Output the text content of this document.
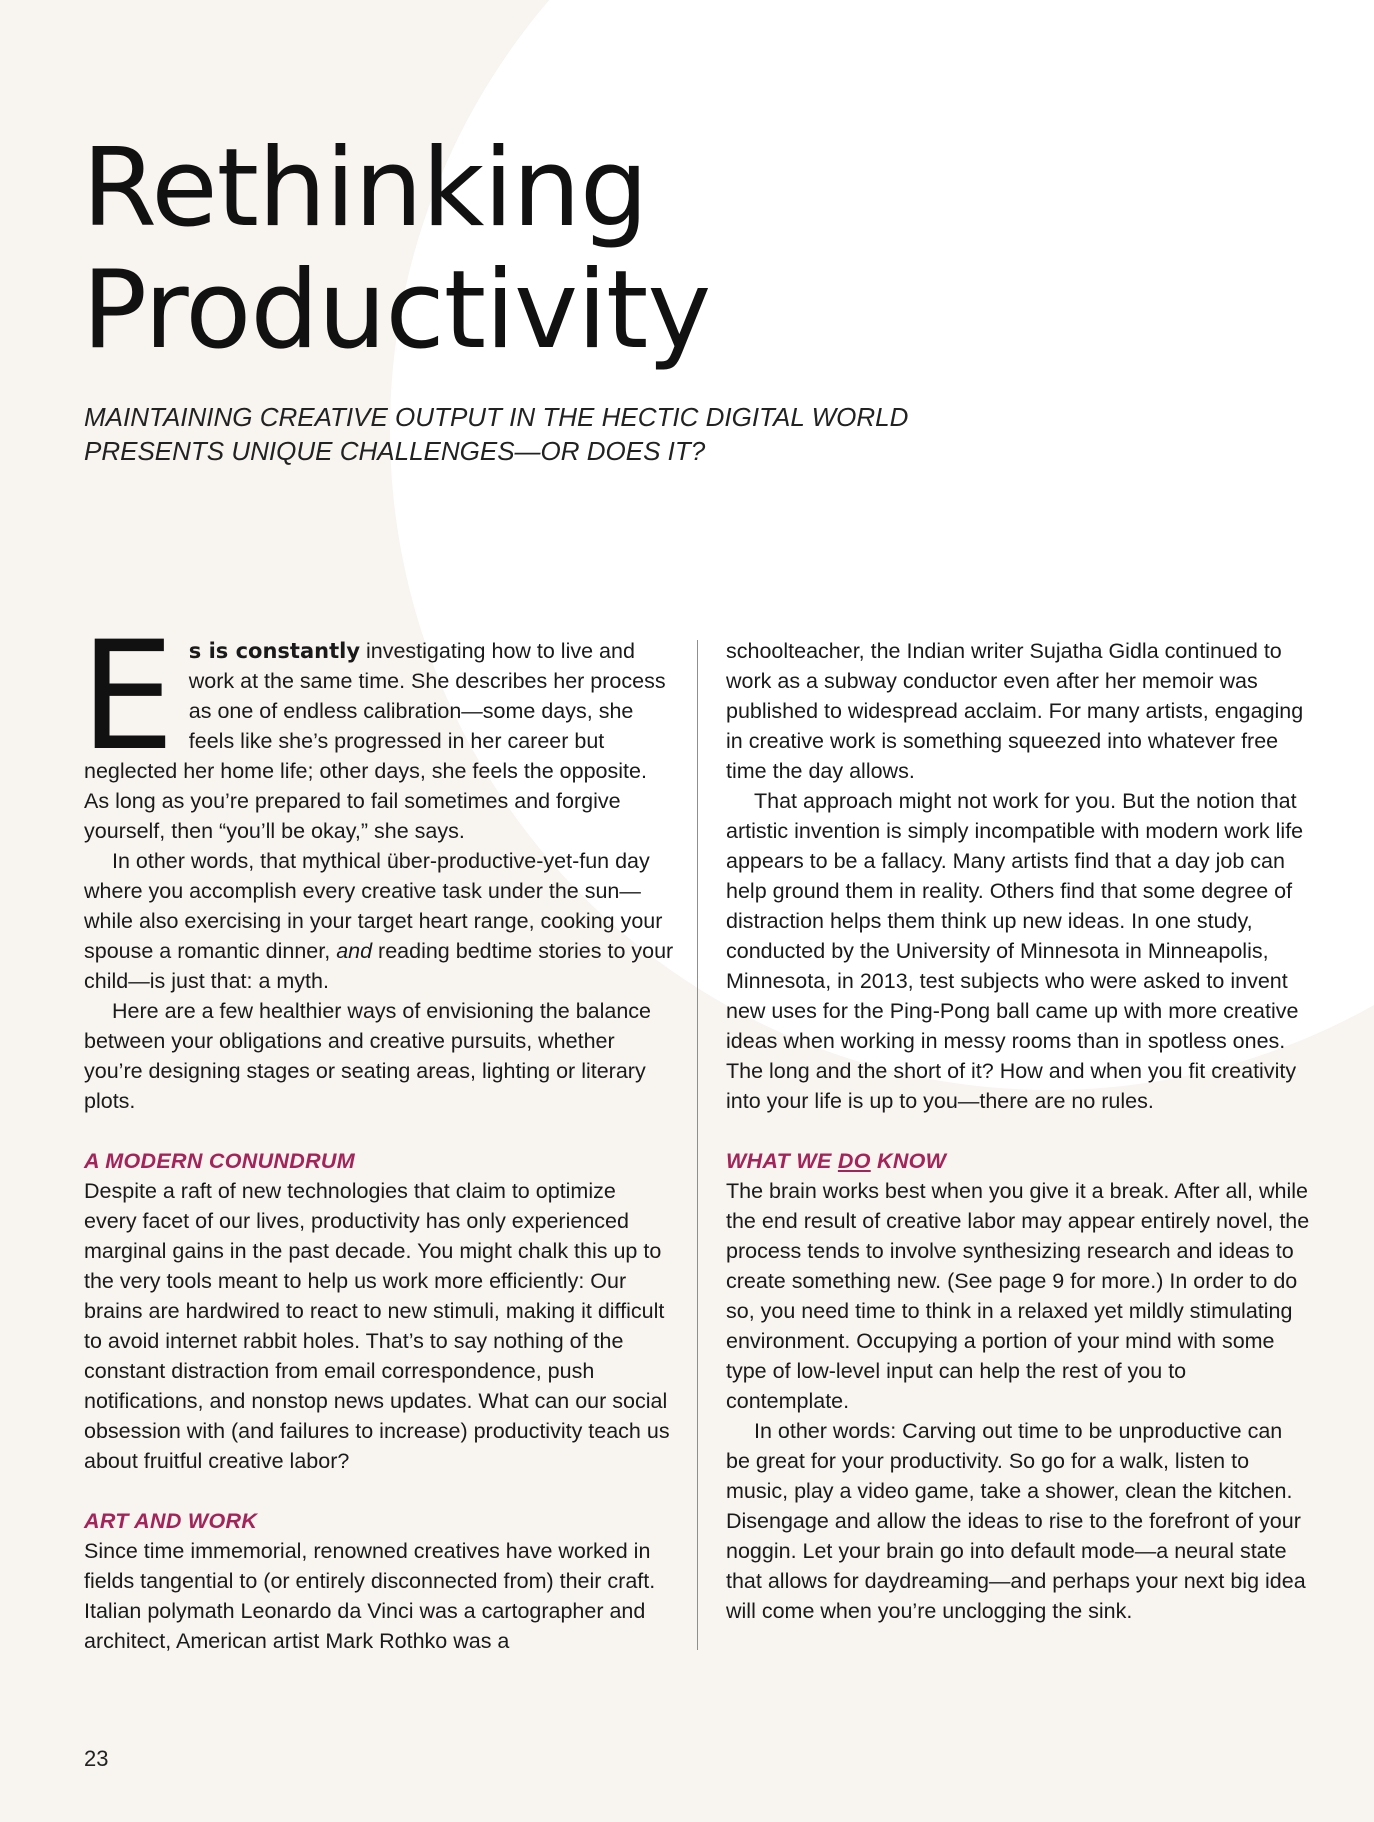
Rethinking
Productivity

MAINTAINING CREATIVE OUTPUT IN THE HECTIC DIGITAL WORLD
PRESENTS UNIQUE CHALLENGES—OR DOES IT?

Es is constantly investigating how to live and work at the same time. She describes her process as one of endless calibration—some days, she feels like she’s progressed in her career but neglected her home life; other days, she feels the opposite. As long as you’re prepared to fail sometimes and forgive yourself, then “you’ll be okay,” she says.

In other words, that mythical über-productive-yet-fun day where you accomplish every creative task under the sun—while also exercising in your target heart range, cooking your spouse a romantic dinner, and reading bedtime stories to your child—is just that: a myth.

Here are a few healthier ways of envisioning the balance between your obligations and creative pursuits, whether you’re designing stages or seating areas, lighting or literary plots.

A MODERN CONUNDRUM

Despite a raft of new technologies that claim to optimize every facet of our lives, productivity has only experienced marginal gains in the past decade. You might chalk this up to the very tools meant to help us work more efficiently: Our brains are hardwired to react to new stimuli, making it difficult to avoid internet rabbit holes. That’s to say nothing of the constant distraction from email correspondence, push notifications, and nonstop news updates. What can our social obsession with (and failures to increase) productivity teach us about fruitful creative labor?

ART AND WORK

Since time immemorial, renowned creatives have worked in fields tangential to (or entirely disconnected from) their craft. Italian polymath Leonardo da Vinci was a cartographer and architect, American artist Mark Rothko was a

schoolteacher, the Indian writer Sujatha Gidla continued to work as a subway conductor even after her memoir was published to widespread acclaim. For many artists, engaging in creative work is something squeezed into whatever free time the day allows.

That approach might not work for you. But the notion that artistic invention is simply incompatible with modern work life appears to be a fallacy. Many artists find that a day job can help ground them in reality. Others find that some degree of distraction helps them think up new ideas. In one study, conducted by the University of Minnesota in Minneapolis, Minnesota, in 2013, test subjects who were asked to invent new uses for the Ping-Pong ball came up with more creative ideas when working in messy rooms than in spotless ones. The long and the short of it? How and when you fit creativity into your life is up to you—there are no rules.

WHAT WE DO KNOW

The brain works best when you give it a break. After all, while the end result of creative labor may appear entirely novel, the process tends to involve synthesizing research and ideas to create something new. (See page 9 for more.) In order to do so, you need time to think in a relaxed yet mildly stimulating environment. Occupying a portion of your mind with some type of low-level input can help the rest of you to contemplate.

In other words: Carving out time to be unproductive can be great for your productivity. So go for a walk, listen to music, play a video game, take a shower, clean the kitchen. Disengage and allow the ideas to rise to the forefront of your noggin. Let your brain go into default mode—a neural state that allows for daydreaming—and perhaps your next big idea will come when you’re unclogging the sink.

23
